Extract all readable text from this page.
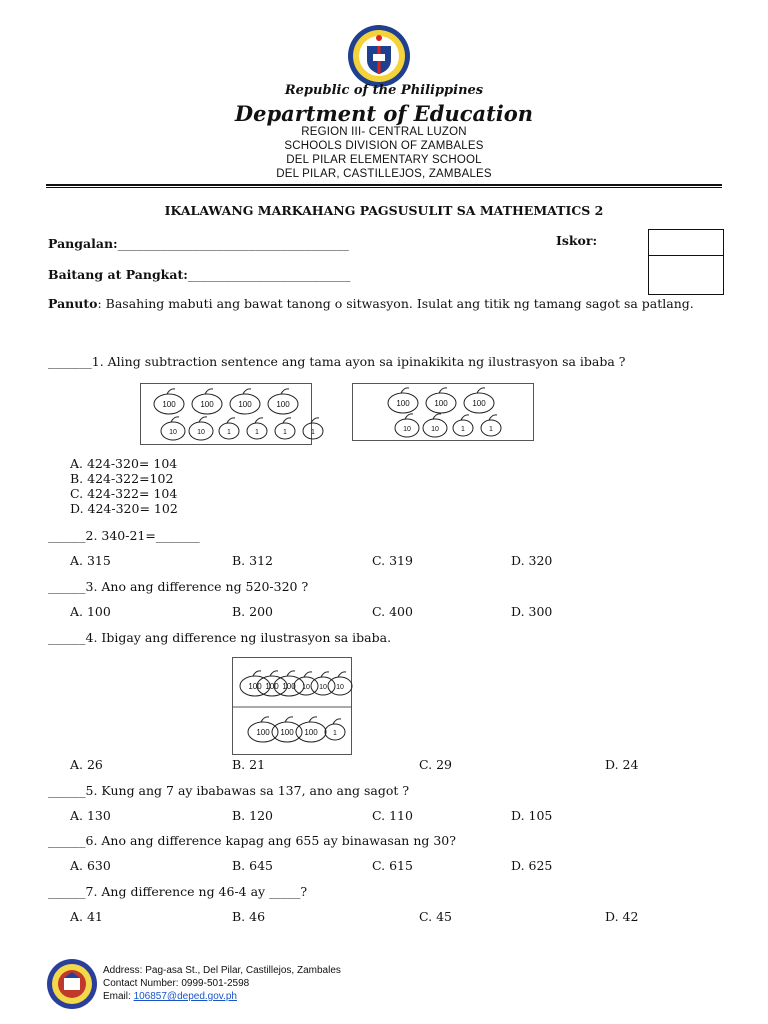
Republic of the Philippines
Department of Education
REGION III- CENTRAL LUZON
SCHOOLS DIVISION OF ZAMBALES
DEL PILAR ELEMENTARY SCHOOL
DEL PILAR, CASTILLEJOS, ZAMBALES
IKALAWANG MARKAHANG PAGSUSULIT SA MATHEMATICS 2
Pangalan:_____________________________________	Iskor:
Baitang at Pangkat:__________________________
Panuto: Basahing mabuti ang bawat tanong o sitwasyon. Isulat ang titik ng tamang sagot sa patlang.
_______1. Aling subtraction sentence ang tama ayon sa ipinakikita ng ilustrasyon sa ibaba ?
100	100	100	100
10	10	1	1	1	1
100	100	100
10	10	1	1
A. 424-320= 104
B. 424-322=102
C. 424-322= 104
D. 424-320= 102
______2. 340-21=_______
A. 315	B. 312	C. 319	D. 320
______3. Ano ang difference ng 520-320 ?
A. 100	B. 200	C. 400	D. 300
______4. Ibigay ang difference ng ilustrasyon sa ibaba.
100 100 100 10 10 10
100 100 100 1
A. 26	B. 21	C. 29	D. 24
______5. Kung ang 7 ay ibabawas sa 137, ano ang sagot ?
A. 130	B. 120	C. 110	D. 105
______6. Ano ang difference kapag ang 655 ay binawasan ng 30?
A. 630	B. 645	C. 615	D. 625
______7. Ang difference ng 46-4 ay _____?
A. 41	B. 46	C. 45	D. 42
Address: Pag-asa St., Del Pilar, Castillejos, Zambales
Contact Number: 0999-501-2598
Email: 106857@deped.gov.ph
